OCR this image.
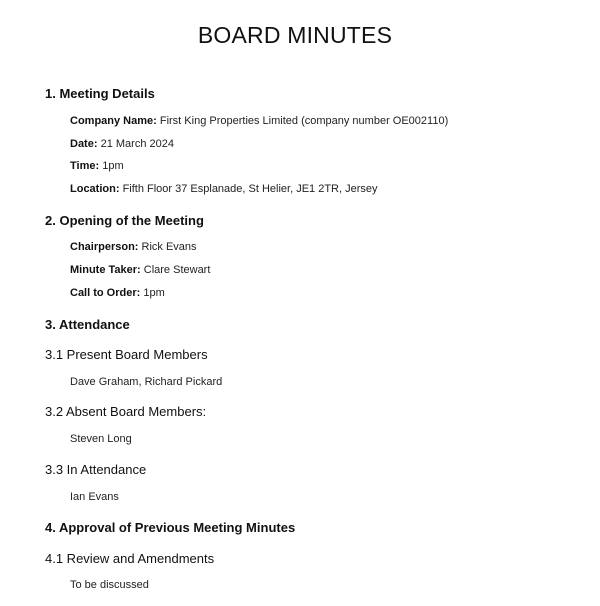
BOARD MINUTES
1. Meeting Details
Company Name: First King Properties Limited (company number OE002110)
Date: 21 March 2024
Time: 1pm
Location: Fifth Floor 37 Esplanade, St Helier, JE1 2TR, Jersey
2. Opening of the Meeting
Chairperson: Rick Evans
Minute Taker: Clare Stewart
Call to Order: 1pm
3. Attendance
3.1 Present Board Members
Dave Graham, Richard Pickard
3.2 Absent Board Members:
Steven Long
3.3 In Attendance
Ian Evans
4. Approval of Previous Meeting Minutes
4.1 Review and Amendments
To be discussed
